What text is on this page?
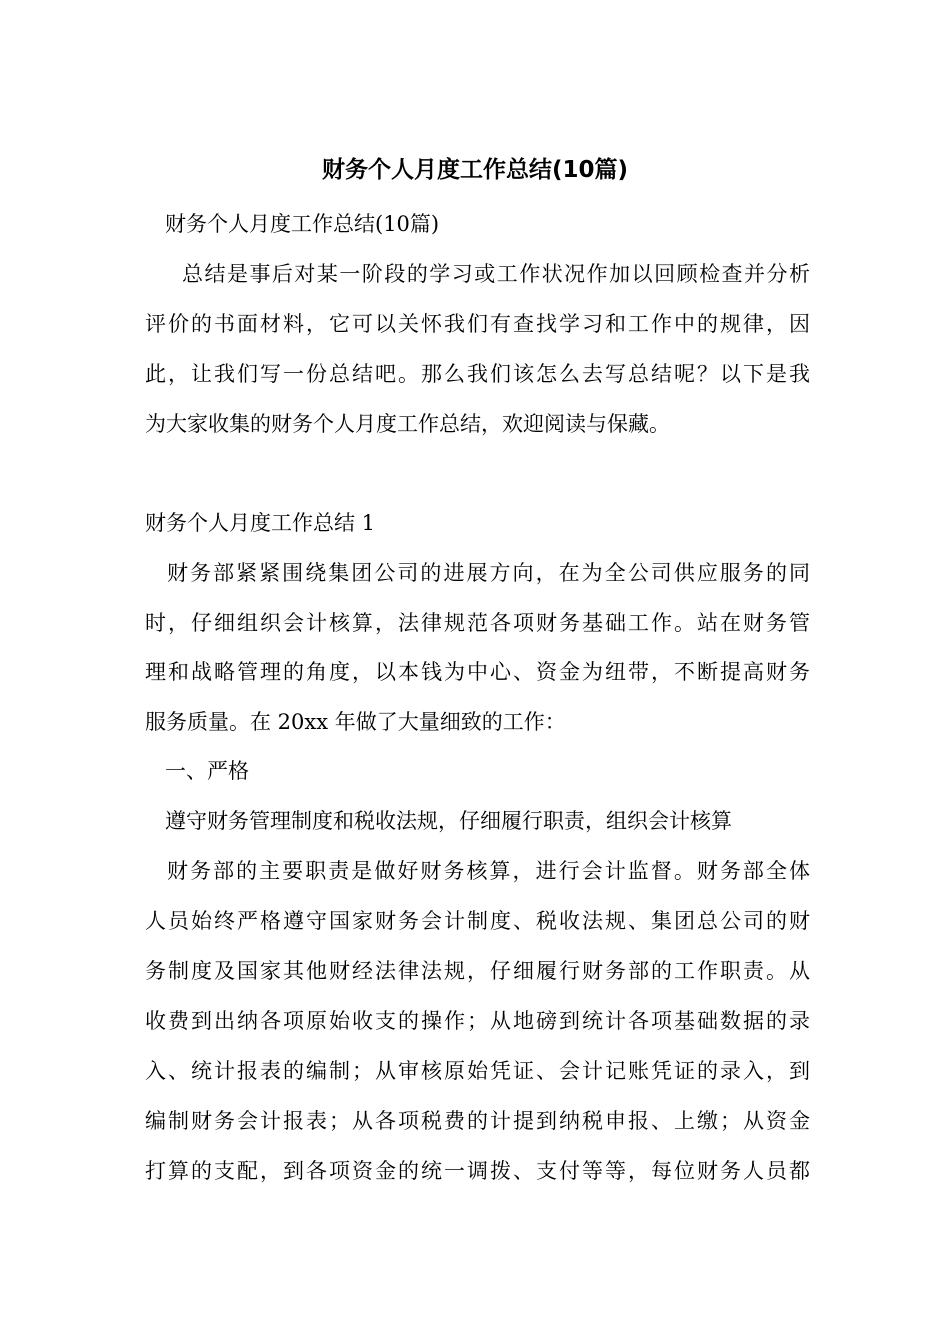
财务个人月度工作总结(10篇)
财务个人月度工作总结(10篇)
总结是事后对某一阶段的学习或工作状况作加以回顾检查并分析
评价的书面材料，它可以关怀我们有查找学习和工作中的规律，因
此，让我们写一份总结吧。那么我们该怎么去写总结呢？以下是我
为大家收集的财务个人月度工作总结，欢迎阅读与保藏。
财务个人月度工作总结 1
财务部紧紧围绕集团公司的进展方向，在为全公司供应服务的同
时，仔细组织会计核算，法律规范各项财务基础工作。站在财务管
理和战略管理的角度，以本钱为中心、资金为纽带，不断提高财务
服务质量。在 20xx 年做了大量细致的工作：
一、严格
遵守财务管理制度和税收法规，仔细履行职责，组织会计核算
财务部的主要职责是做好财务核算，进行会计监督。财务部全体
人员始终严格遵守国家财务会计制度、税收法规、集团总公司的财
务制度及国家其他财经法律法规，仔细履行财务部的工作职责。从
收费到出纳各项原始收支的操作；从地磅到统计各项基础数据的录
入、统计报表的编制；从审核原始凭证、会计记账凭证的录入，到
编制财务会计报表；从各项税费的计提到纳税申报、上缴；从资金
打算的支配，到各项资金的统一调拨、支付等等，每位财务人员都
